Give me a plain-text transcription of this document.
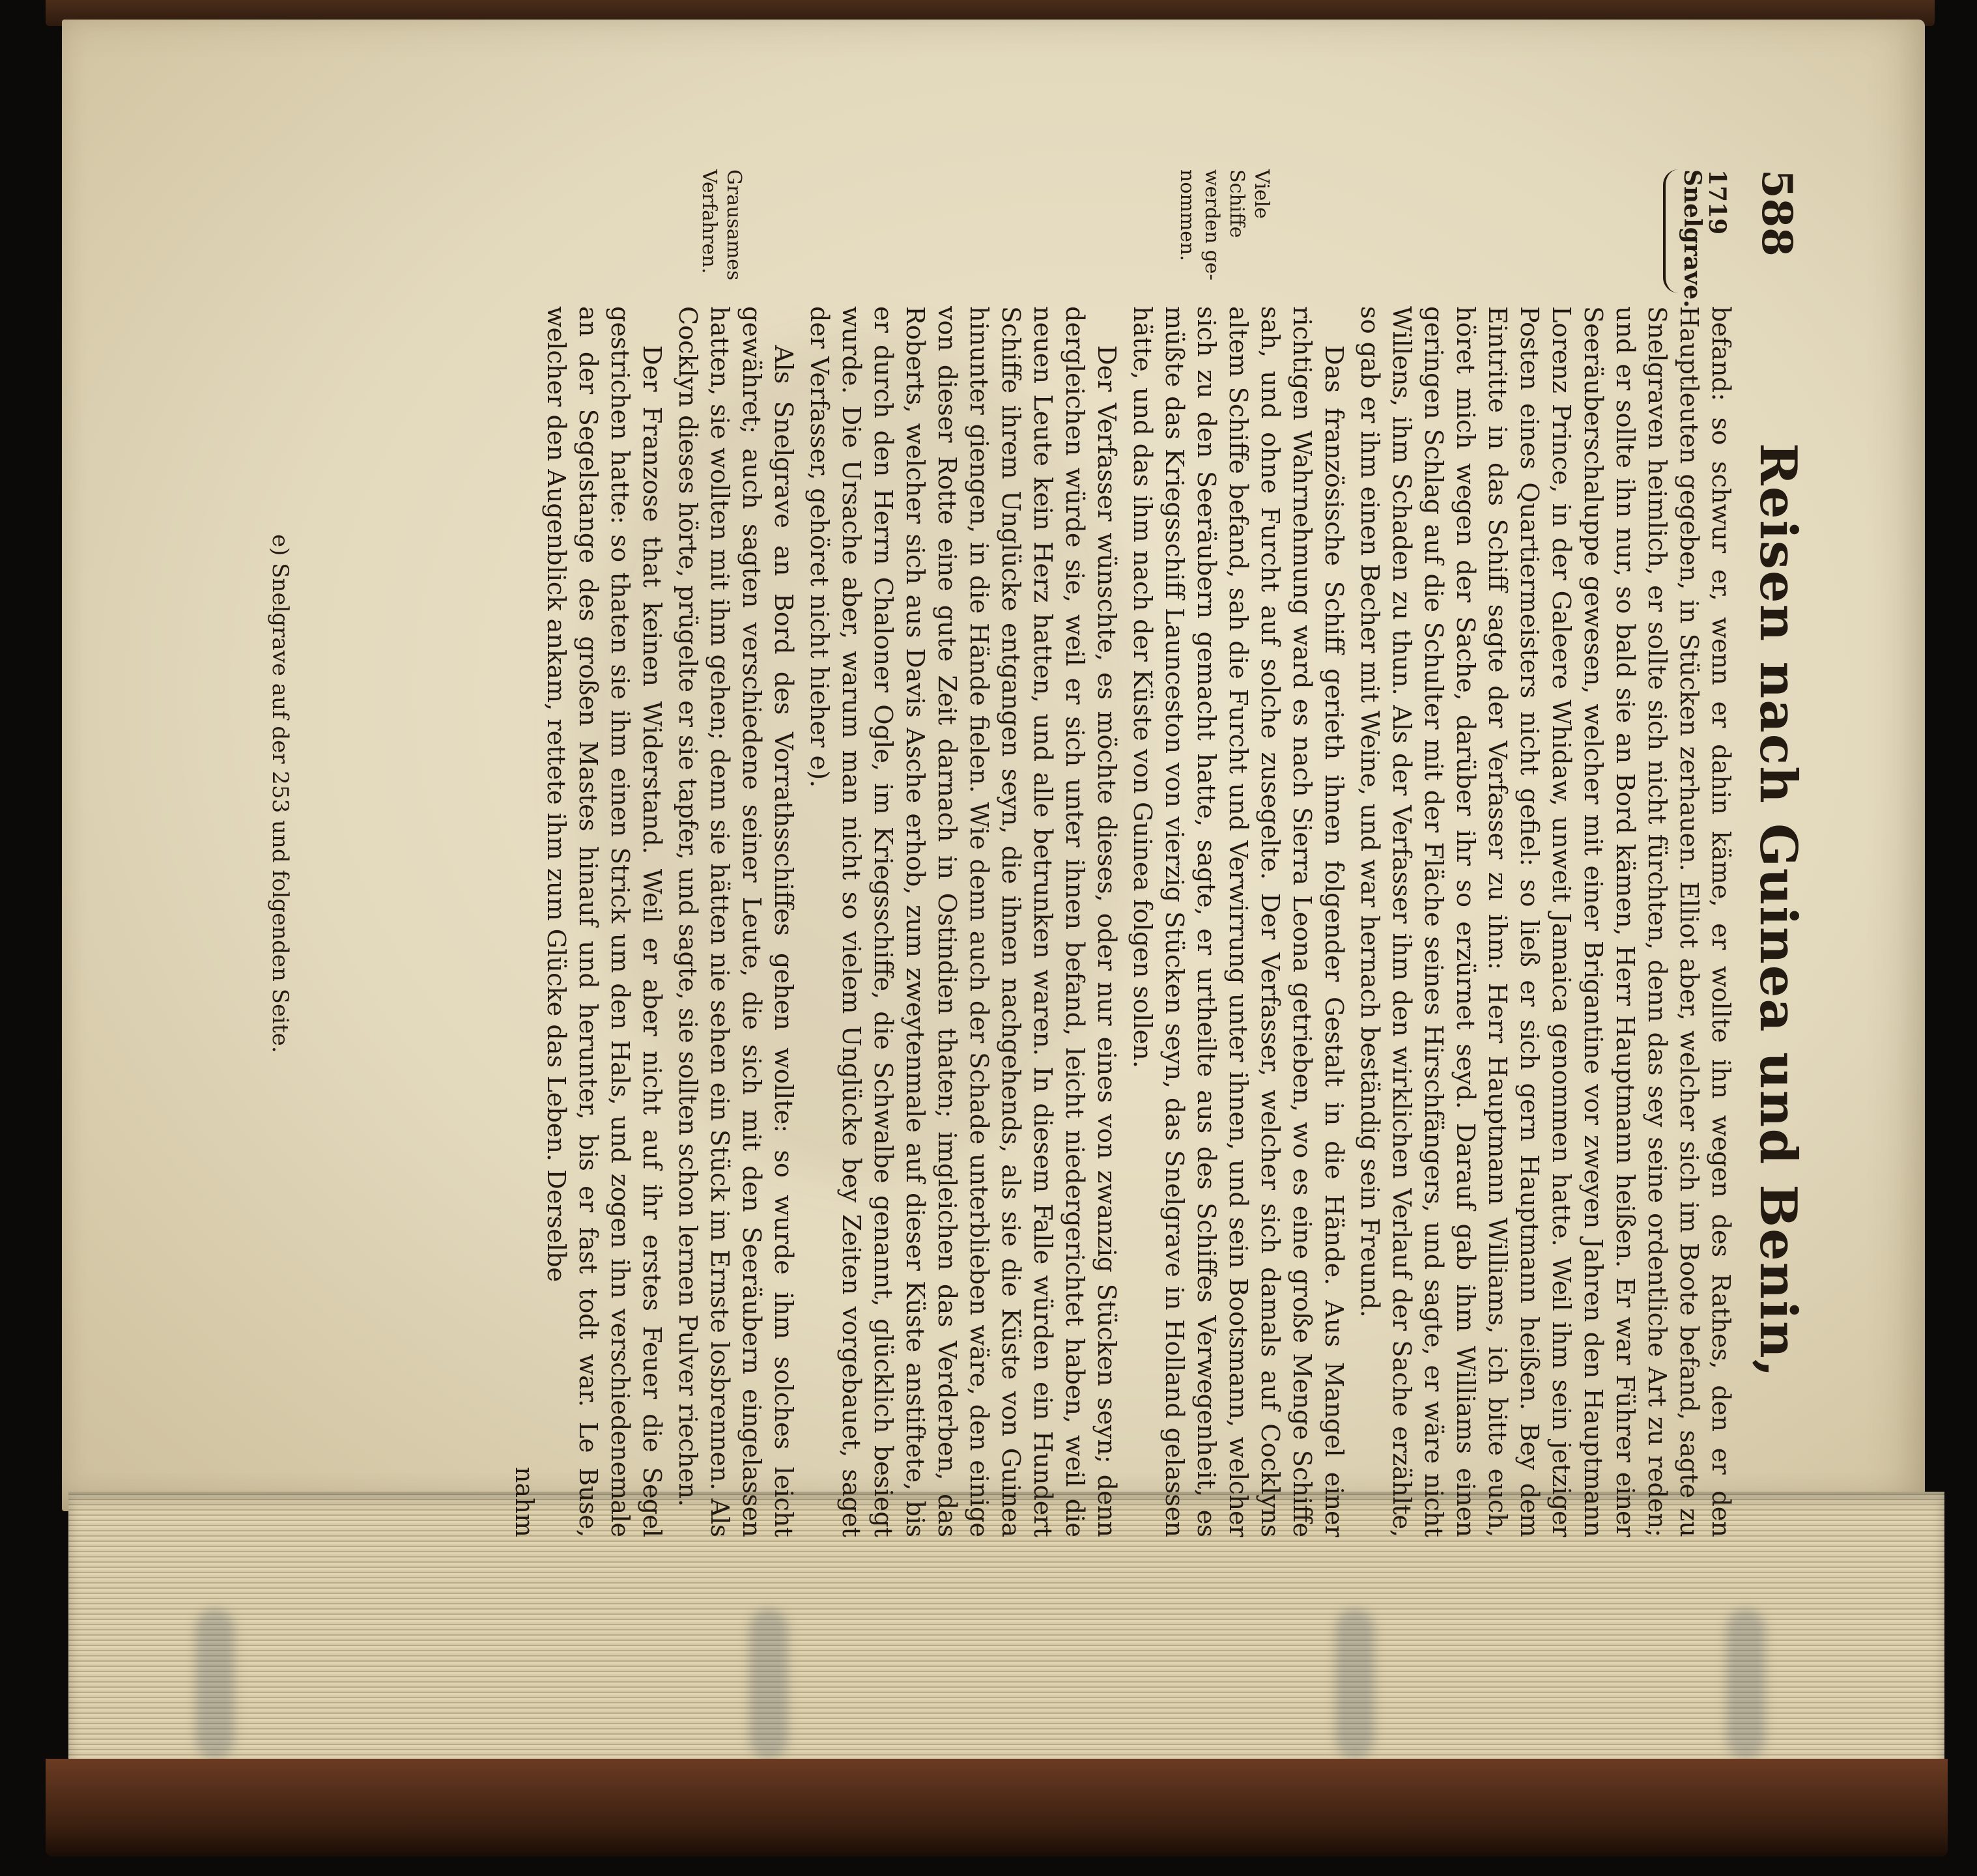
588
Reisen nach Guinea und Benin,
1719
Snelgrave.
Viele Schiffe werden ge- nommen.
Grausames Verfahren.

befand: so schwur er, wenn er dahin käme, er wollte ihn wegen des Rathes, den er den Hauptleuten gegeben, in Stücken zerhauen. Elliot aber, welcher sich im Boote befand, sagte zu Snelgraven heimlich, er sollte sich nicht fürchten, denn das sey seine ordentliche Art zu reden; und er sollte ihn nur, so bald sie an Bord kämen, Herr Hauptmann heißen. Er war Führer einer Seeräuberschaluppe gewesen, welcher mit einer Brigantine vor zweyen Jahren den Hauptmann Lorenz Prince, in der Galeere Whidaw, unweit Jamaica genommen hatte. Weil ihm sein jetziger Posten eines Quartiermeisters nicht gefiel: so ließ er sich gern Hauptmann heißen. Bey dem Eintritte in das Schiff sagte der Verfasser zu ihm: Herr Hauptmann Williams, ich bitte euch, höret mich wegen der Sache, darüber ihr so erzürnet seyd. Darauf gab ihm Williams einen geringen Schlag auf die Schulter mit der Fläche seines Hirschfängers, und sagte, er wäre nicht Willens, ihm Schaden zu thun. Als der Verfasser ihm den wirklichen Verlauf der Sache erzählte, so gab er ihm einen Becher mit Weine, und war hernach beständig sein Freund.

Das französische Schiff gerieth ihnen folgender Gestalt in die Hände. Aus Mangel einer richtigen Wahrnehmung ward es nach Sierra Leona getrieben, wo es eine große Menge Schiffe sah, und ohne Furcht auf solche zusegelte. Der Verfasser, welcher sich damals auf Cocklyns altem Schiffe befand, sah die Furcht und Verwirrung unter ihnen, und sein Bootsmann, welcher sich zu den Seeräubern gemacht hatte, sagte, er urtheilte aus des Schiffes Verwegenheit, es müßte das Kriegsschiff Launceston von vierzig Stücken seyn, das Snelgrave in Holland gelassen hätte, und das ihm nach der Küste von Guinea folgen sollen.

Der Verfasser wünschte, es möchte dieses, oder nur eines von zwanzig Stücken seyn; denn dergleichen würde sie, weil er sich unter ihnen befand, leicht niedergerichtet haben, weil die neuen Leute kein Herz hatten, und alle betrunken waren. In diesem Falle würden ein Hundert Schiffe ihrem Unglücke entgangen seyn, die ihnen nachgehends, als sie die Küste von Guinea hinunter giengen, in die Hände fielen. Wie denn auch der Schade unterblieben wäre, den einige von dieser Rotte eine gute Zeit darnach in Ostindien thaten; imgleichen das Verderben, das Roberts, welcher sich aus Davis Asche erhob, zum zweytenmale auf dieser Küste anstiftete, bis er durch den Herrn Chaloner Ogle, im Kriegsschiffe, die Schwalbe genannt, glücklich besiegt wurde. Die Ursache aber, warum man nicht so vielem Unglücke bey Zeiten vorgebauet, saget der Verfasser, gehöret nicht hieher e).

Als Snelgrave an Bord des Vorrathsschiffes gehen wollte: so wurde ihm solches leicht gewähret; auch sagten verschiedene seiner Leute, die sich mit den Seeräubern eingelassen hatten, sie wollten mit ihm gehen; denn sie hätten nie sehen ein Stück im Ernste losbrennen. Als Cocklyn dieses hörte, prügelte er sie tapfer, und sagte, sie sollten schon lernen Pulver riechen.

Der Franzose that keinen Widerstand. Weil er aber nicht auf ihr erstes Feuer die Segel gestrichen hatte: so thaten sie ihm einen Strick um den Hals, und zogen ihn verschiedenemale an der Segelstange des großen Mastes hinauf und herunter, bis er fast todt war. Le Buse, welcher den Augenblick ankam, rettete ihm zum Glücke das Leben. Derselbe

nahm

e) Snelgrave auf der 253 und folgenden Seite.
